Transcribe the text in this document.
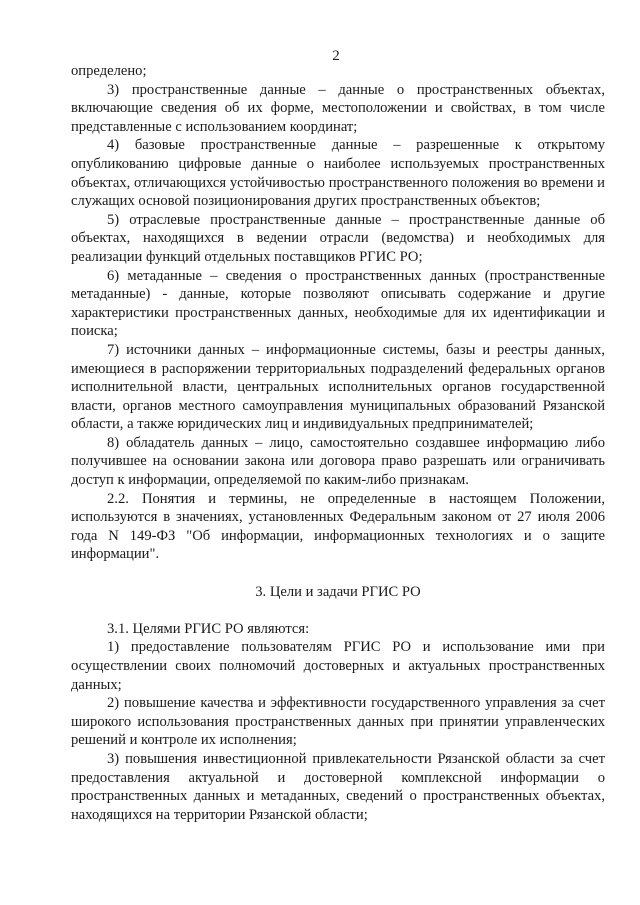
2

определено;

3) пространственные данные – данные о пространственных объектах, включающие сведения об их форме, местоположении и свойствах, в том числе представленные с использованием координат;

4) базовые пространственные данные – разрешенные к открытому опубликованию цифровые данные о наиболее используемых пространственных объектах, отличающихся устойчивостью пространственного положения во времени и служащих основой позиционирования других пространственных объектов;

5) отраслевые пространственные данные – пространственные данные об объектах, находящихся в ведении отрасли (ведомства) и необходимых для реализации функций отдельных поставщиков РГИС РО;

6) метаданные – сведения о пространственных данных (пространственные метаданные) - данные, которые позволяют описывать содержание и другие характеристики пространственных данных, необходимые для их идентификации и поиска;

7) источники данных – информационные системы, базы и реестры данных, имеющиеся в распоряжении территориальных подразделений федеральных органов исполнительной власти, центральных исполнительных органов государственной власти, органов местного самоуправления муниципальных образований Рязанской области, а также юридических лиц и индивидуальных предпринимателей;

8) обладатель данных – лицо, самостоятельно создавшее информацию либо получившее на основании закона или договора право разрешать или ограничивать доступ к информации, определяемой по каким-либо признакам.

2.2. Понятия и термины, не определенные в настоящем Положении, используются в значениях, установленных Федеральным законом от 27 июля 2006 года N 149-ФЗ "Об информации, информационных технологиях и о защите информации".

3. Цели и задачи РГИС РО

3.1. Целями РГИС РО являются:

1) предоставление пользователям РГИС РО и использование ими при осуществлении своих полномочий достоверных и актуальных пространственных данных;

2) повышение качества и эффективности государственного управления за счет широкого использования пространственных данных при принятии управленческих решений и контроле их исполнения;

3) повышения инвестиционной привлекательности Рязанской области за счет предоставления актуальной и достоверной комплексной информации о пространственных данных и метаданных, сведений о пространственных объектах, находящихся на территории Рязанской области;
